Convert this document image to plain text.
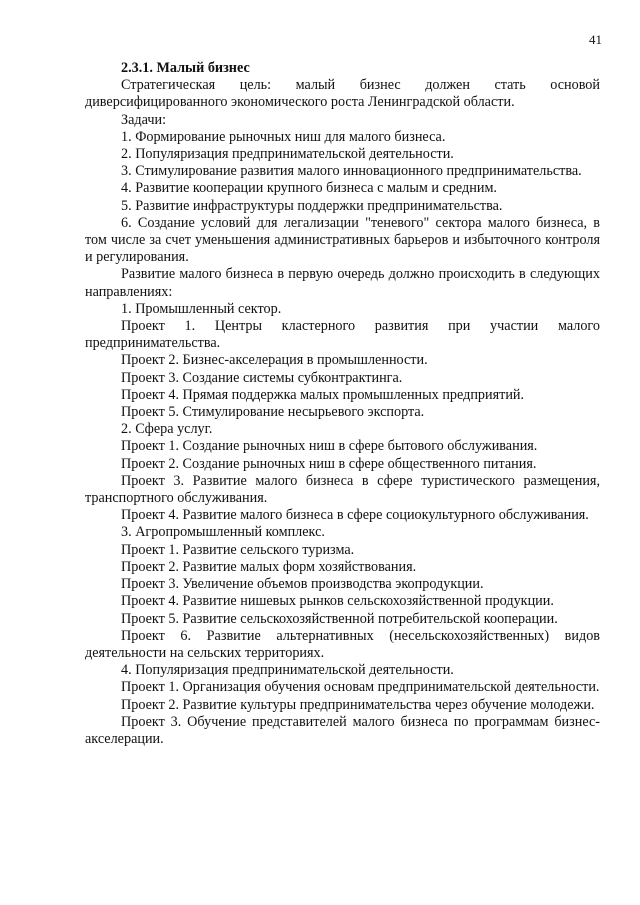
41

2.3.1. Малый бизнес

Стратегическая цель: малый бизнес должен стать основой диверсифицированного экономического роста Ленинградской области.

Задачи:

1. Формирование рыночных ниш для малого бизнеса.

2. Популяризация предпринимательской деятельности.

3. Стимулирование развития малого инновационного предпринимательства.

4. Развитие кооперации крупного бизнеса с малым и средним.

5. Развитие инфраструктуры поддержки предпринимательства.

6. Создание условий для легализации "теневого" сектора малого бизнеса, в том числе за счет уменьшения административных барьеров и избыточного контроля и регулирования.

Развитие малого бизнеса в первую очередь должно происходить в следующих направлениях:

1. Промышленный сектор.

Проект 1. Центры кластерного развития при участии малого предпринимательства.

Проект 2. Бизнес-акселерация в промышленности.

Проект 3. Создание системы субконтрактинга.

Проект 4. Прямая поддержка малых промышленных предприятий.

Проект 5. Стимулирование несырьевого экспорта.

2. Сфера услуг.

Проект 1. Создание рыночных ниш в сфере бытового обслуживания.

Проект 2. Создание рыночных ниш в сфере общественного питания.

Проект 3. Развитие малого бизнеса в сфере туристического размещения, транспортного обслуживания.

Проект 4. Развитие малого бизнеса в сфере социокультурного обслуживания.

3. Агропромышленный комплекс.

Проект 1. Развитие сельского туризма.

Проект 2. Развитие малых форм хозяйствования.

Проект 3. Увеличение объемов производства экопродукции.

Проект 4. Развитие нишевых рынков сельскохозяйственной продукции.

Проект 5. Развитие сельскохозяйственной потребительской кооперации.

Проект 6. Развитие альтернативных (несельскохозяйственных) видов деятельности на сельских территориях.

4. Популяризация предпринимательской деятельности.

Проект 1. Организация обучения основам предпринимательской деятельности.

Проект 2. Развитие культуры предпринимательства через обучение молодежи.

Проект 3. Обучение представителей малого бизнеса по программам бизнес-акселерации.
